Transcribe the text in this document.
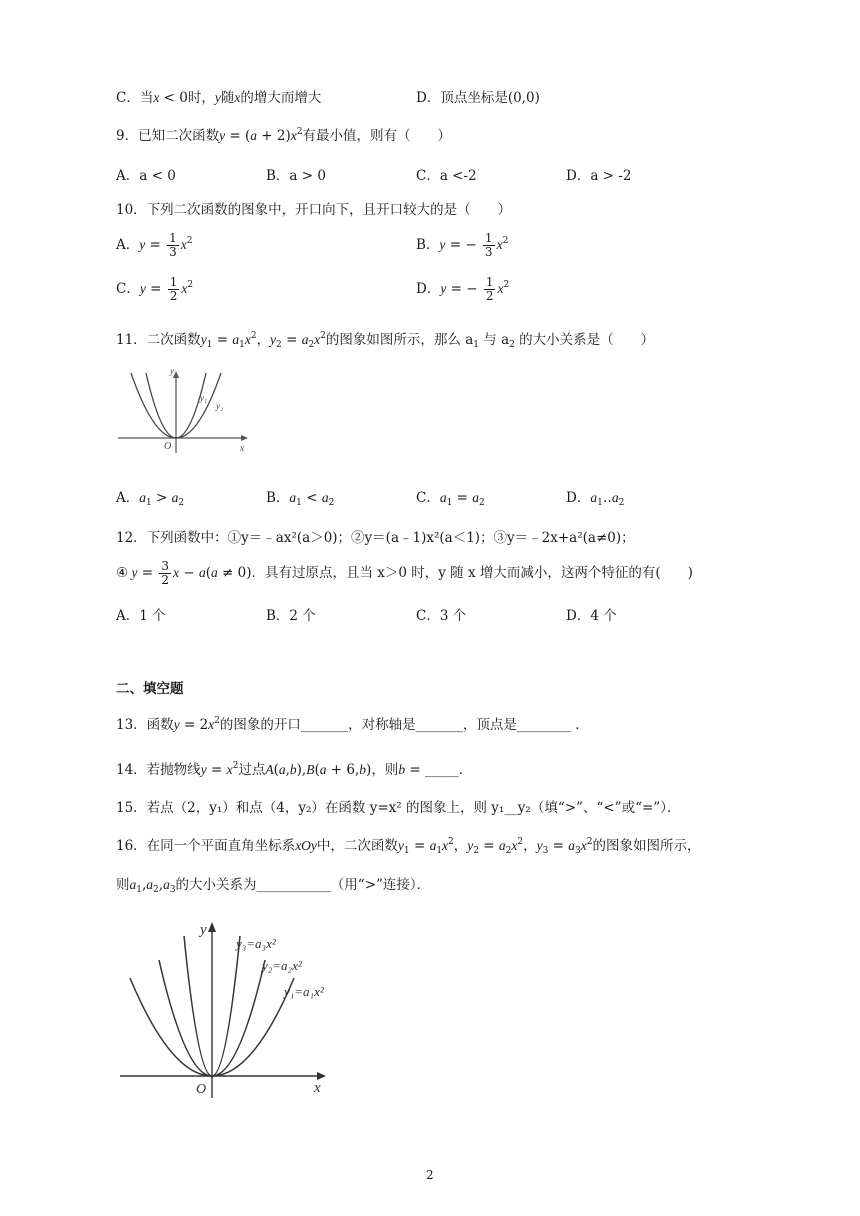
C．当x < 0时，y随x的增大而增大	D．顶点坐标是(0,0)
9．已知二次函数$y = (a + 2)x^2$有最小值，则有（　　）
A．a < 0	B．a > 0	C．a <-2	D．a > -2
10．下列二次函数的图象中，开口向下，且开口较大的是（　　）
A．$y = \frac{1}{3} x^2$	B．y = − $\frac{1}{3} x^2$
C．$y = \frac{1}{2} x^2$	D．y = − $\frac{1}{2} x^2$
11．二次函数$y_1 = a_1x^2$，$y_2 = a_2x^2$的图象如图所示，那么 $a_1$ 与 $a_2$ 的大小关系是（　　）
y
x
O
y₁
y₂
A．$a_1 > a_2$	B．$a_1 < a_2$	C．$a_1 = a_2$	D．$a_1‥a_2$
12．下列函数中：①y＝﹣ax²(a＞0)；②y＝(a﹣1)x²(a＜1)；③y＝﹣2x+a²(a≠0)；
④ $y = \frac{3}{2}$ x − a(a ≠ 0)．具有过原点，且当 x＞0 时，y 随 x 增大而减小，这两个特征的有(　　)
A．1 个	B．2 个	C．3 个	D．4 个
二、填空题
13．函数$y = 2x^2$的图象的开口_______，对称轴是_______，顶点是________ ．
14．若抛物线$y = x^2$过点A(a,b),B(a + 6,b)，则b = _____．
15．若点（2，y₁）和点（4，y₂）在函数 y=x² 的图象上，则 y₁__y₂（填“>”、“<”或“=”）．
16．在同一个平面直角坐标系xOy中，二次函数$y_1 = a_1x^2$，$y_2 = a_2x^2$，$y_3 = a_3x^2$的图象如图所示，
则$a_1,a_2,a_3$的大小关系为___________（用“>”连接）．
y
x
O
y₃=a₃x²
y₂=a₂x²
y₁=a₁x²
2
